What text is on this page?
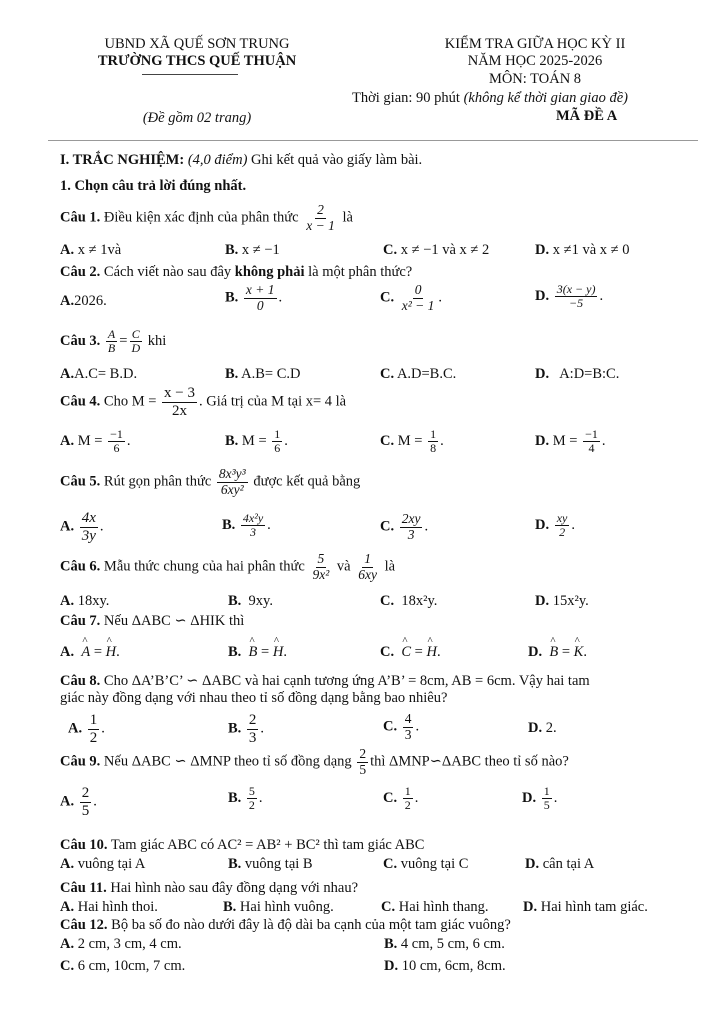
UBND XÃ QUẾ SƠN TRUNG
TRƯỜNG THCS QUẾ THUẬN
(Đề gồm 02 trang)
KIỂM TRA GIỮA HỌC KỲ II
NĂM HỌC 2025-2026
MÔN: TOÁN 8
Thời gian: 90 phút (không kể thời gian giao đề)
MÃ ĐỀ A
I. TRẮC NGHIỆM: (4,0 điểm) Ghi kết quả vào giấy làm bài.
1. Chọn câu trả lời đúng nhất.
Câu 1. Điều kiện xác định của phân thức $\frac{2}{x - 1}$ là
A. x ≠ 1và	B. x ≠ −1	C. x ≠ −1 và x ≠ 2	D. x ≠1 và x ≠ 0
Câu 2. Cách viết nào sau đây không phải là một phân thức?
A.2026.	B. $\frac{x + 1}{0}$ .	C. $\frac{0}{\text{x² − 1}}$ .	D. $\frac{3(x - y)}{-5}$ .
Câu 3. $\frac{A}{B} = \frac{C}{D}$ khi
A.A.C= B.D.	B. A.B= C.D	C. A.D=B.C.	D. A:D=B:C.
Câu 4. Cho $M = \frac{x - 3}{2x}$ . Giá trị của M tại x= 4 là
A. $M = \frac{-1}{6}$ .	B. $M = \frac{1}{6}$ .	C. $M = \frac{1}{8}$ .	D. $M = \frac{-1}{4}$ .
Câu 5. Rút gọn phân thức $\frac{\text{8x³y³}}{\text{6xy²}}$ được kết quả bằng
A. $\frac{4x}{3y}$ .	B. $\frac{\text{4x²y}}{3}$ .	C. $\frac{2xy}{3}$ .	D. $\frac{xy}{2}$ .
Câu 6. Mẫu thức chung của hai phân thức $\frac{5}{\text{9x²}}$ và $\frac{1}{6xy}$ là
A. 18xy.	B. 9xy.	C. 18x²y.	D. 15x²y.
Câu 7. Nếu ΔABC ∽ ΔHIK thì
A. ^ A = ^ H.	B. ^ B = ^ H.	C. ^ C = ^ H.	D. ^ B = ^ K.
Câu 8. Cho ΔA’B’C’ ∽ ΔABC và hai cạnh tương ứng A’B’ = 8cm, AB = 6cm. Vậy hai tam
giác này đồng dạng với nhau theo tỉ số đồng dạng bằng bao nhiêu?
A. $\frac{1}{2}$ .	B. $\frac{2}{3}$ .	C. $\frac{4}{3}$ .	D. 2.
Câu 9. Nếu ΔABC ∽ ΔMNP theo tỉ số đồng dạng $\frac{2}{5}$ thì ΔMNP∽ΔABC theo tỉ số nào?
A. $\frac{2}{5}$ .	B. $\frac{5}{2}$ .	C. $\frac{1}{2}$ .	D. $\frac{1}{5}$ .
Câu 10. Tam giác ABC có AC² = AB² + BC² thì tam giác ABC
A. vuông tại A	B. vuông tại B	C. vuông tại C	D. cân tại A
Câu 11. Hai hình nào sau đây đồng dạng với nhau?
A. Hai hình thoi.	B. Hai hình vuông.	C. Hai hình thang. D. Hai hình tam giác.
Câu 12. Bộ ba số đo nào dưới đây là độ dài ba cạnh của một tam giác vuông?
A. 2 cm, 3 cm, 4 cm.	B. 4 cm, 5 cm, 6 cm.
C. 6 cm, 10cm, 7 cm.	D. 10 cm, 6cm, 8cm.
